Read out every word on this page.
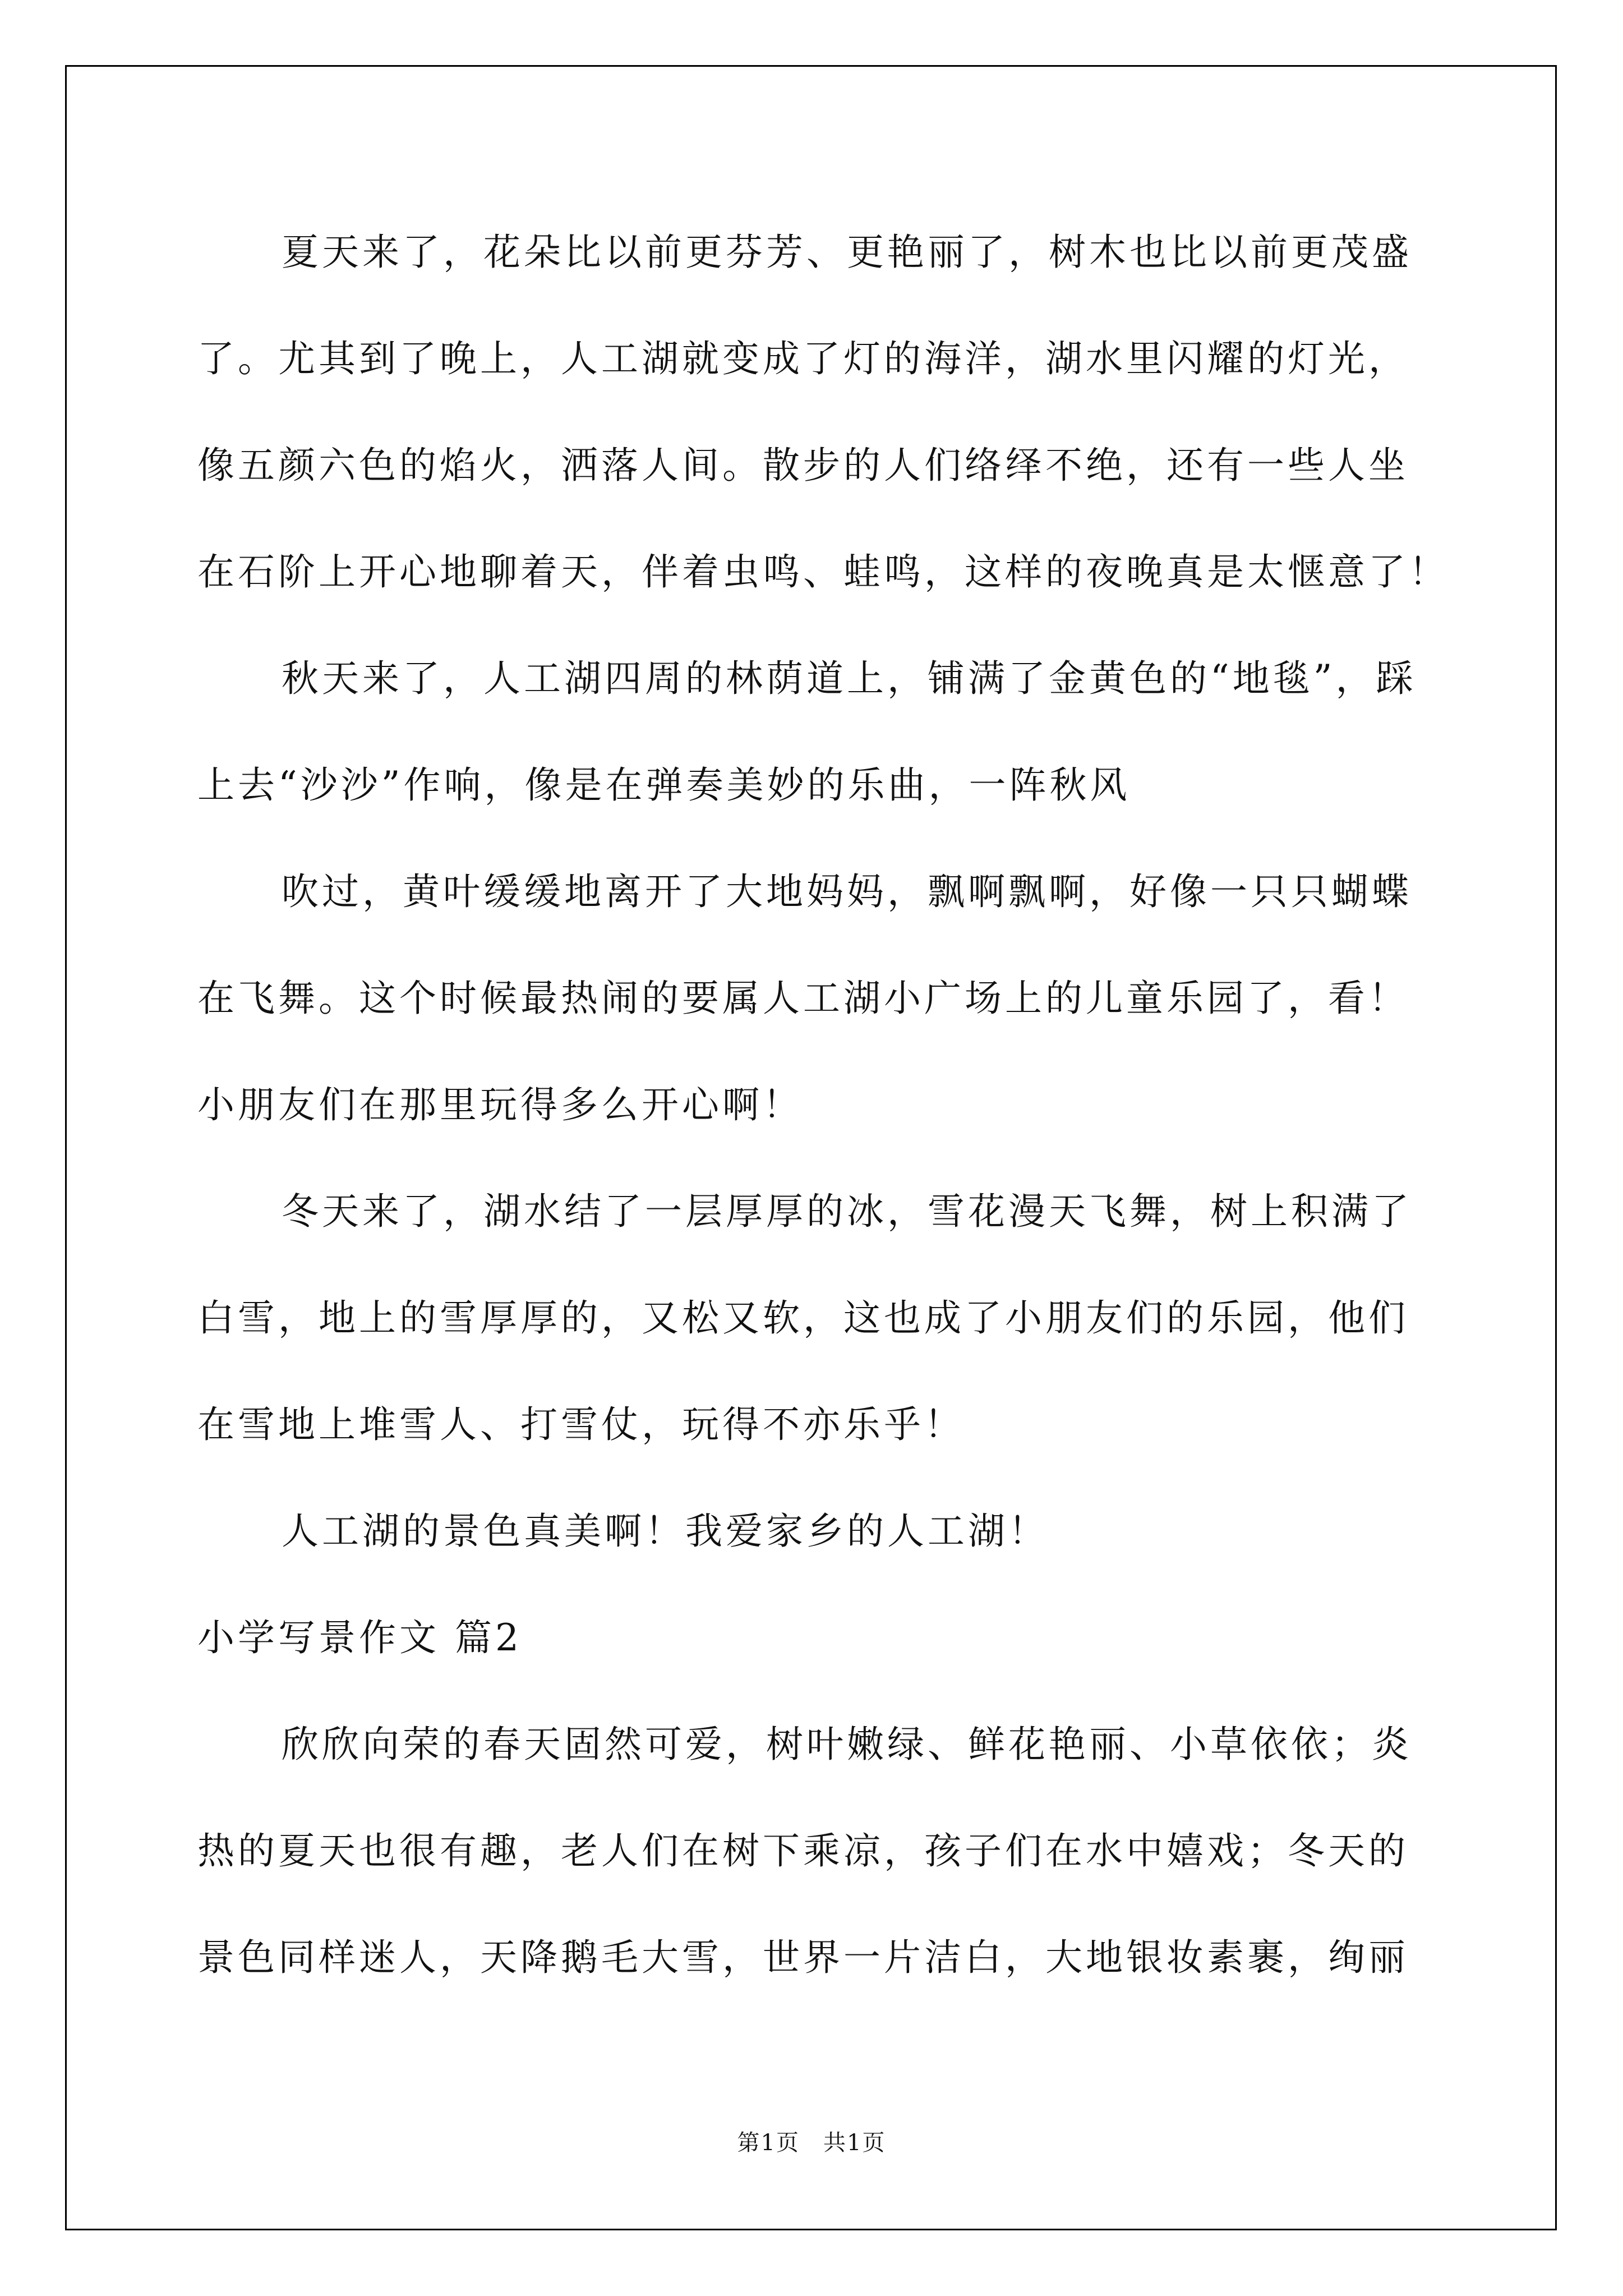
夏天来了，花朵比以前更芬芳、更艳丽了，树木也比以前更茂盛
了。尤其到了晚上，人工湖就变成了灯的海洋，湖水里闪耀的灯光，
像五颜六色的焰火，洒落人间。散步的人们络绎不绝，还有一些人坐
在石阶上开心地聊着天，伴着虫鸣、蛙鸣，这样的夜晚真是太惬意了！
秋天来了，人工湖四周的林荫道上，铺满了金黄色的“地毯”，踩
上去“沙沙”作响，像是在弹奏美妙的乐曲，一阵秋风
吹过，黄叶缓缓地离开了大地妈妈，飘啊飘啊，好像一只只蝴蝶
在飞舞。这个时候最热闹的要属人工湖小广场上的儿童乐园了，看！
小朋友们在那里玩得多么开心啊！
冬天来了，湖水结了一层厚厚的冰，雪花漫天飞舞，树上积满了
白雪，地上的雪厚厚的，又松又软，这也成了小朋友们的乐园，他们
在雪地上堆雪人、打雪仗，玩得不亦乐乎！
人工湖的景色真美啊！我爱家乡的人工湖！
小学写景作文 篇2
欣欣向荣的春天固然可爱，树叶嫩绿、鲜花艳丽、小草依依；炎
热的夏天也很有趣，老人们在树下乘凉，孩子们在水中嬉戏；冬天的
景色同样迷人，天降鹅毛大雪，世界一片洁白，大地银妆素裹，绚丽
第1页　共1页
